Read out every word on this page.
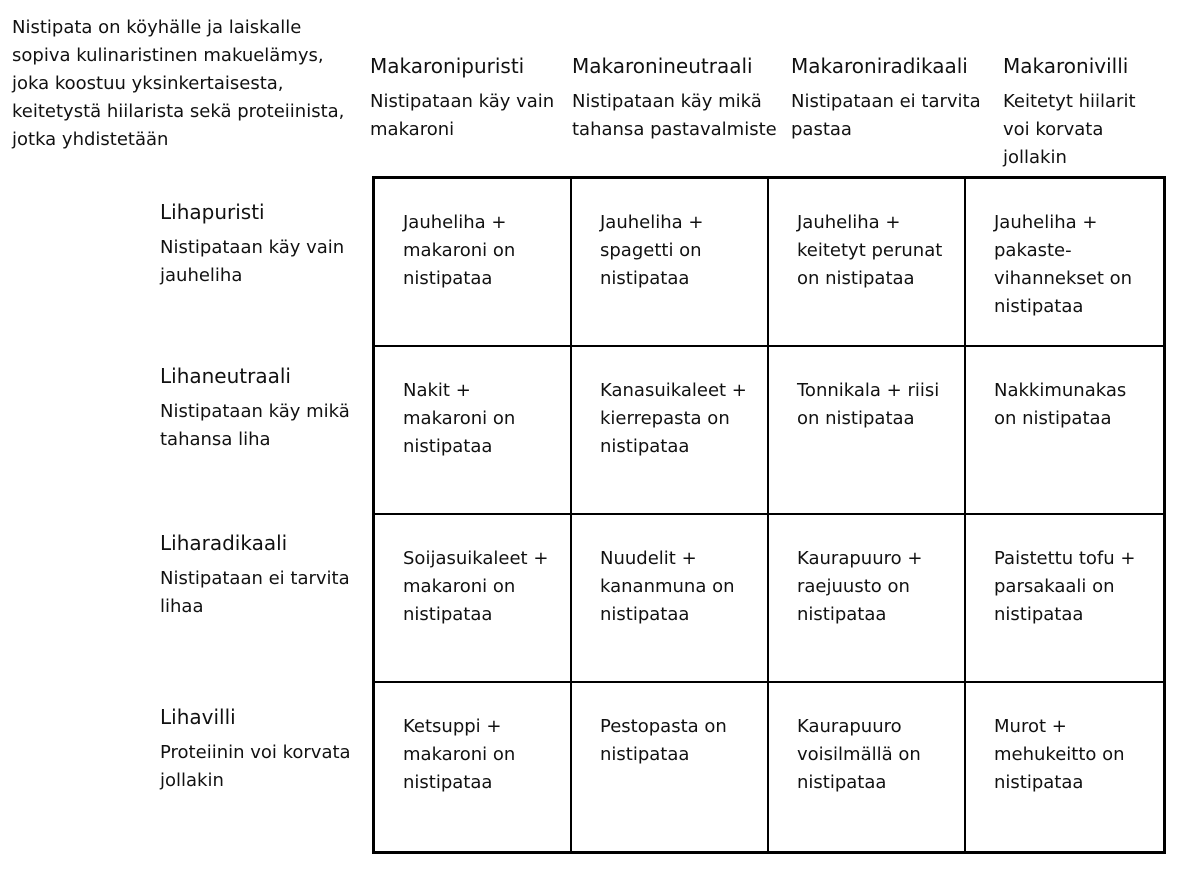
Nistipata on köyhälle ja laiskalle sopiva kulinaristinen makuelämys, joka koostuu yksinkertaisesta, keitetystä hiilarista sekä proteiinista, jotka yhdistetään
Makaronipuristi
Nistipataan käy vain makaroni
Makaronineutraali
Nistipataan käy mikä tahansa pastavalmiste
Makaroniradikaali
Nistipataan ei tarvita pastaa
Makaronivilli
Keitetyt hiilarit voi korvata jollakin
Lihapuristi
Nistipataan käy vain jauheliha
Lihaneutraali
Nistipataan käy mikä tahansa liha
Liharadikaali
Nistipataan ei tarvita lihaa
Lihavilli
Proteiinin voi korvata jollakin
Jauheliha + makaroni on nistipataa
Jauheliha + spagetti on nistipataa
Jauheliha + keitetyt perunat on nistipataa
Jauheliha + pakaste-vihannekset on nistipataa
Nakit + makaroni on nistipataa
Kanasuikaleet + kierrepasta on nistipataa
Tonnikala + riisi on nistipataa
Nakkimunakas on nistipataa
Soijasuikaleet + makaroni on nistipataa
Nuudelit + kananmuna on nistipataa
Kaurapuuro + raejuusto on nistipataa
Paistettu tofu + parsakaali on nistipataa
Ketsuppi + makaroni on nistipataa
Pestopasta on nistipataa
Kaurapuuro voisilmällä on nistipataa
Murot + mehukeitto on nistipataa
